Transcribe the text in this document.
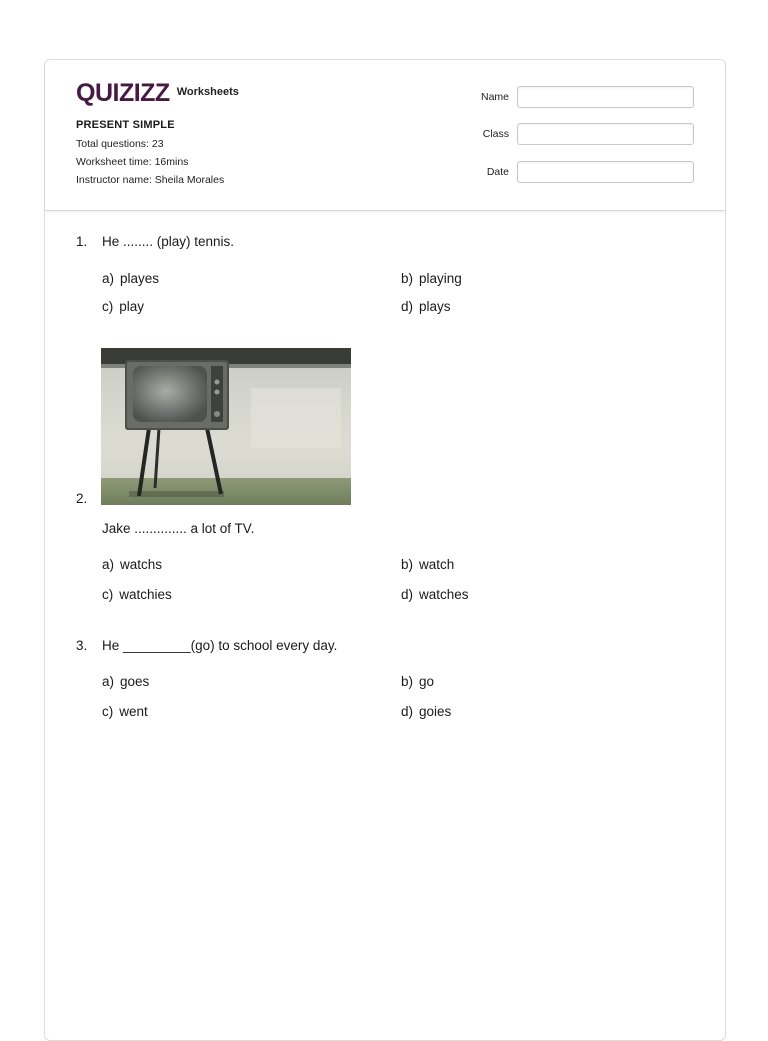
QUIZIZZ Worksheets
PRESENT SIMPLE
Total questions: 23
Worksheet time: 16mins
Instructor name: Sheila Morales
Name
Class
Date
1. He ........ (play) tennis.
a) playes	b) playing
c) play	d) plays
2.
Jake .............. a lot of TV.
a) watchs	b) watch
c) watchies	d) watches
3. He _________(go) to school every day.
a) goes	b) go
c) went	d) goies
